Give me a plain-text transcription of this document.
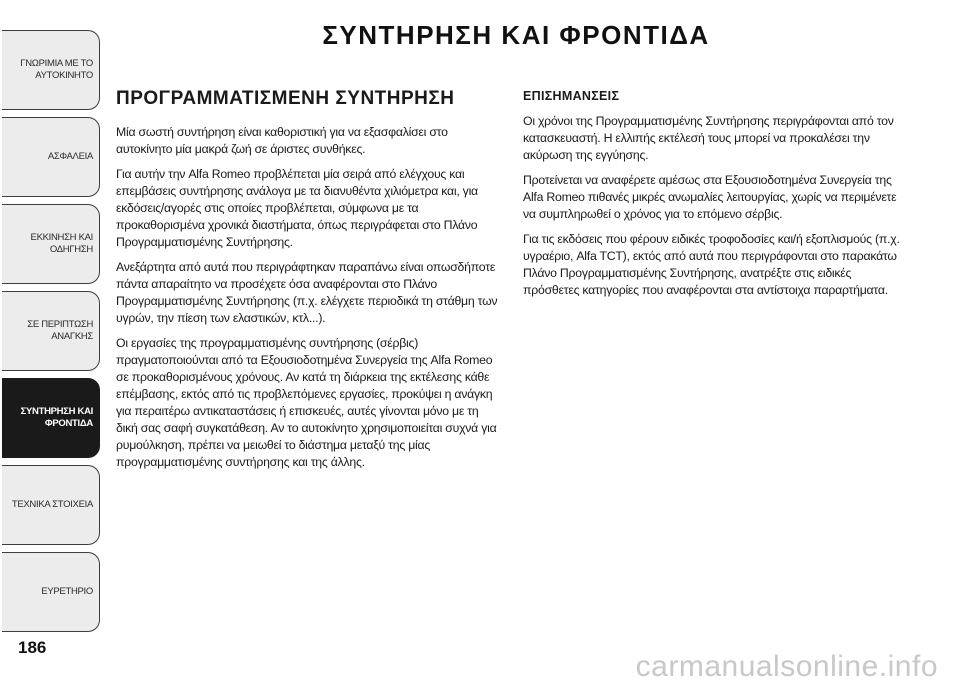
ΓΝΩΡΙΜΙΑ ΜΕ ΤΟ
ΑΥΤΟΚΙΝΗΤΟ
ΑΣΦΑΛΕΙΑ
ΕΚΚΙΝΗΣΗ ΚΑΙ
ΟΔΗΓΗΣΗ
ΣΕ ΠΕΡΙΠΤΩΣΗ
ΑΝΑΓΚΗΣ
ΣΥΝΤΗΡΗΣΗ ΚΑΙ
ΦΡΟΝΤΙΔΑ
ΤΕΧΝΙΚΑ ΣΤΟΙΧΕΙΑ
ΕΥΡΕΤΗΡΙΟ
186
ΣΥΝΤΗΡΗΣΗ ΚΑΙ ΦΡΟΝΤΙΔΑ
ΠΡΟΓΡΑΜΜΑΤΙΣΜΕΝΗ ΣΥΝΤΗΡΗΣΗ

Μία σωστή συντήρηση είναι καθοριστική για να εξασφαλίσει στο αυτοκίνητο μία μακρά ζωή σε άριστες συνθήκες.

Για αυτήν την Alfa Romeo προβλέπεται μία σειρά από ελέγχους και επεμβάσεις συντήρησης ανάλογα με τα διανυθέντα χιλιόμετρα και, για εκδόσεις/αγορές στις οποίες προβλέπεται, σύμφωνα με τα προκαθορισμένα χρονικά διαστήματα, όπως περιγράφεται στο Πλάνο Προγραμματισμένης Συντήρησης.

Ανεξάρτητα από αυτά που περιγράφτηκαν παραπάνω είναι οπωσδήποτε πάντα απαραίτητο να προσέχετε όσα αναφέρονται στο Πλάνο Προγραμματισμένης Συντήρησης (π.χ. ελέγχετε περιοδικά τη στάθμη των υγρών, την πίεση των ελαστικών, κτλ...).

Οι εργασίες της προγραμματισμένης συντήρησης (σέρβις) πραγματοποιούνται από τα Εξουσιοδοτημένα Συνεργεία της Alfa Romeo σε προκαθορισμένους χρόνους. Αν κατά τη διάρκεια της εκτέλεσης κάθε επέμβασης, εκτός από τις προβλεπόμενες εργασίες, προκύψει η ανάγκη για περαιτέρω αντικαταστάσεις ή επισκευές, αυτές γίνονται μόνο με τη δική σας σαφή συγκατάθεση. Αν το αυτοκίνητο χρησιμοποιείται συχνά για ρυμούλκηση, πρέπει να μειωθεί το διάστημα μεταξύ της μίας προγραμματισμένης συντήρησης και της άλλης.

ΕΠΙΣΗΜΑΝΣΕΙΣ

Οι χρόνοι της Προγραμματισμένης Συντήρησης περιγράφονται από τον κατασκευαστή. Η ελλιπής εκτέλεσή τους μπορεί να προκαλέσει την ακύρωση της εγγύησης.

Προτείνεται να αναφέρετε αμέσως στα Εξουσιοδοτημένα Συνεργεία της Alfa Romeo πιθανές μικρές ανωμαλίες λειτουργίας, χωρίς να περιμένετε να συμπληρωθεί ο χρόνος για το επόμενο σέρβις.

Για τις εκδόσεις που φέρουν ειδικές τροφοδοσίες και/ή εξοπλισμούς (π.χ. υγραέριο, Alfa TCT), εκτός από αυτά που περιγράφονται στο παρακάτω Πλάνο Προγραμματισμένης Συντήρησης, ανατρέξτε στις ειδικές πρόσθετες κατηγορίες που αναφέρονται στα αντίστοιχα παραρτήματα.

carmanualsonline.info
